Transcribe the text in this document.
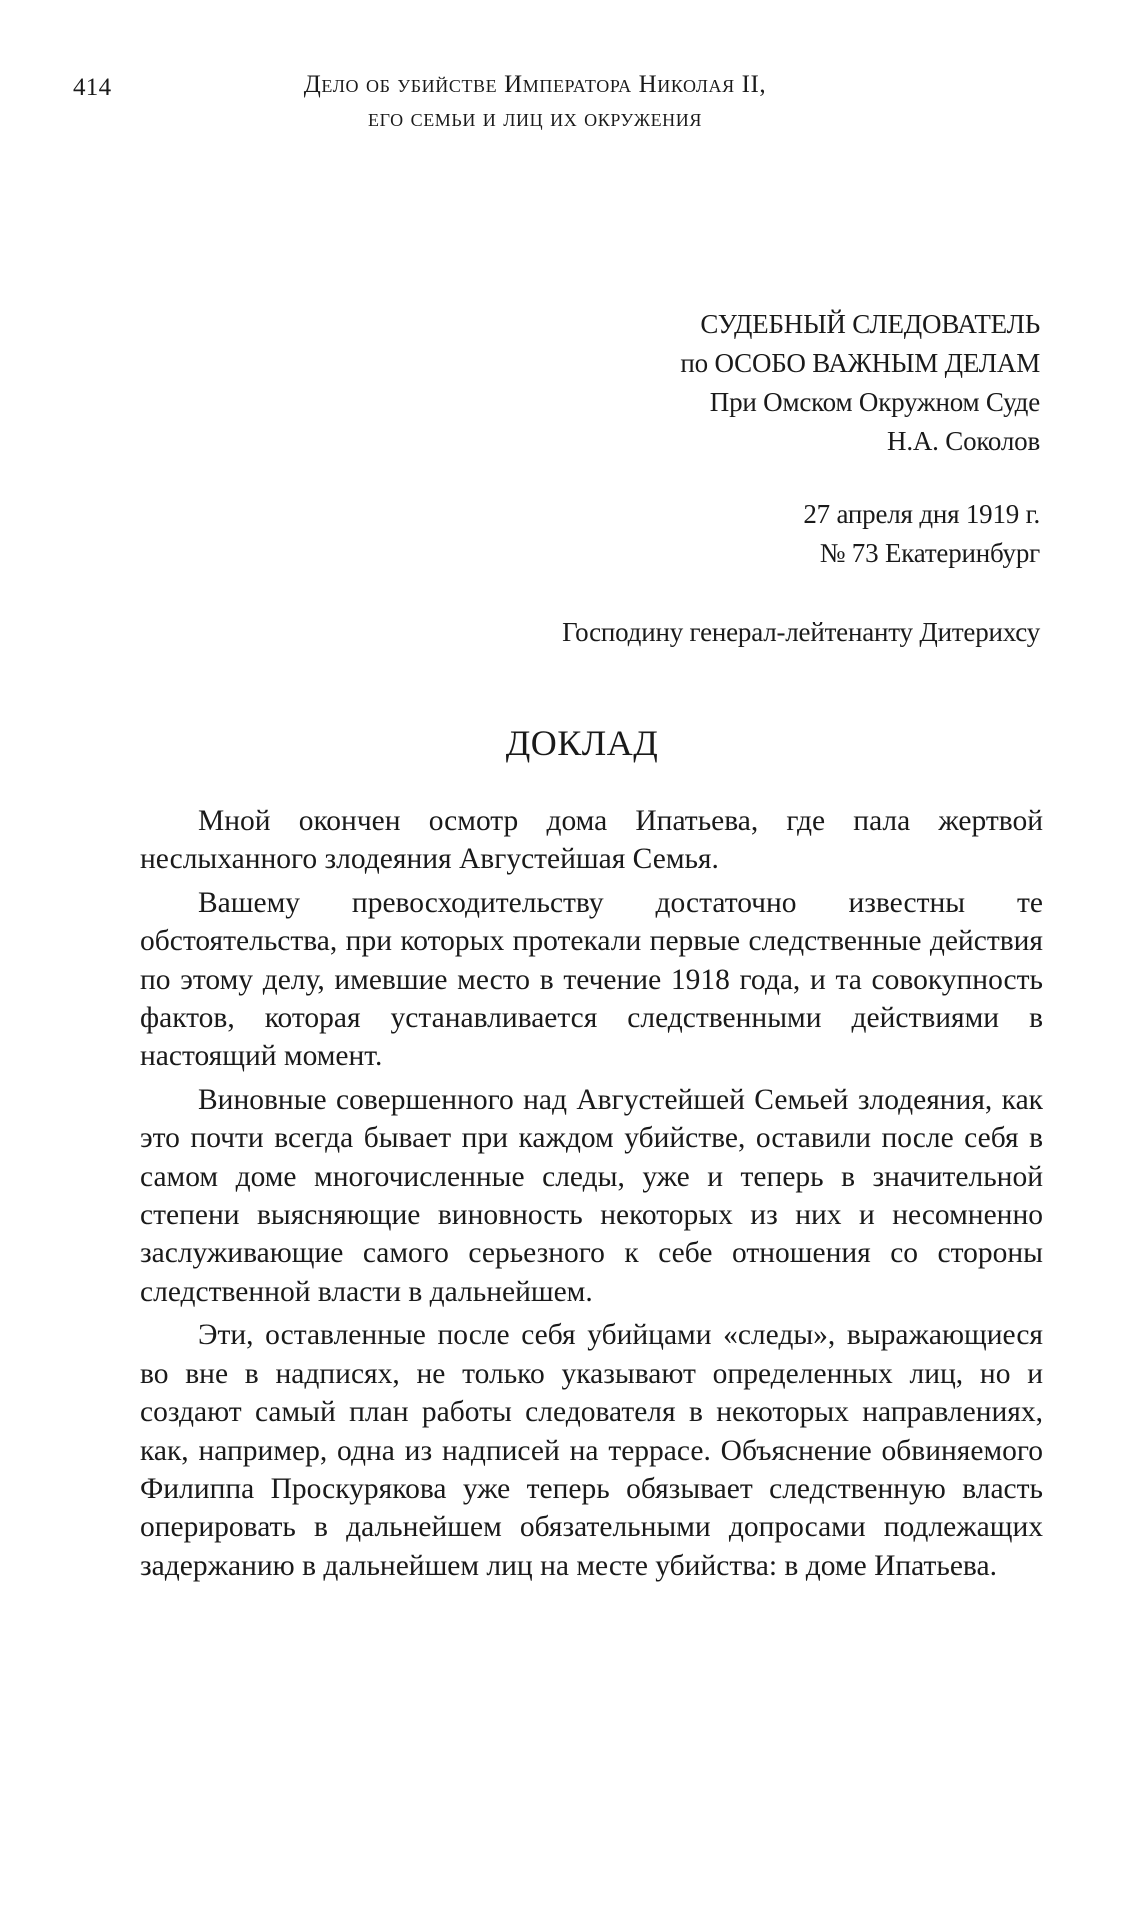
414	Дело об убийстве Императора Николая II,
его семьи и лиц их окружения
СУДЕБНЫЙ СЛЕДОВАТЕЛЬ
по ОСОБО ВАЖНЫМ ДЕЛАМ
При Омском Окружном Суде
Н.А. Соколов
27 апреля дня 1919 г.
№ 73 Екатеринбург
Господину генерал-лейтенанту Дитерихсу
ДОКЛАД

Мной окончен осмотр дома Ипатьева, где пала жертвой неслыханного злодеяния Августейшая Семья.

Вашему превосходительству достаточно известны те обстоятельства, при которых протекали первые следственные действия по этому делу, имевшие место в течение 1918 года, и та совокупность фактов, которая устанавливается следственными действиями в настоящий момент.

Виновные совершенного над Августейшей Семьей злодеяния, как это почти всегда бывает при каждом убийстве, оставили после себя в самом доме многочисленные следы, уже и теперь в значительной степени выясняющие виновность некоторых из них и несомненно заслуживающие самого серьезного к себе отношения со стороны следственной власти в дальнейшем.

Эти, оставленные после себя убийцами «следы», выражающиеся во вне в надписях, не только указывают определенных лиц, но и создают самый план работы следователя в некоторых направлениях, как, например, одна из надписей на террасе. Объяснение обвиняемого Филиппа Проскурякова уже теперь обязывает следственную власть оперировать в дальнейшем обязательными допросами подлежащих задержанию в дальнейшем лиц на месте убийства: в доме Ипатьева.
